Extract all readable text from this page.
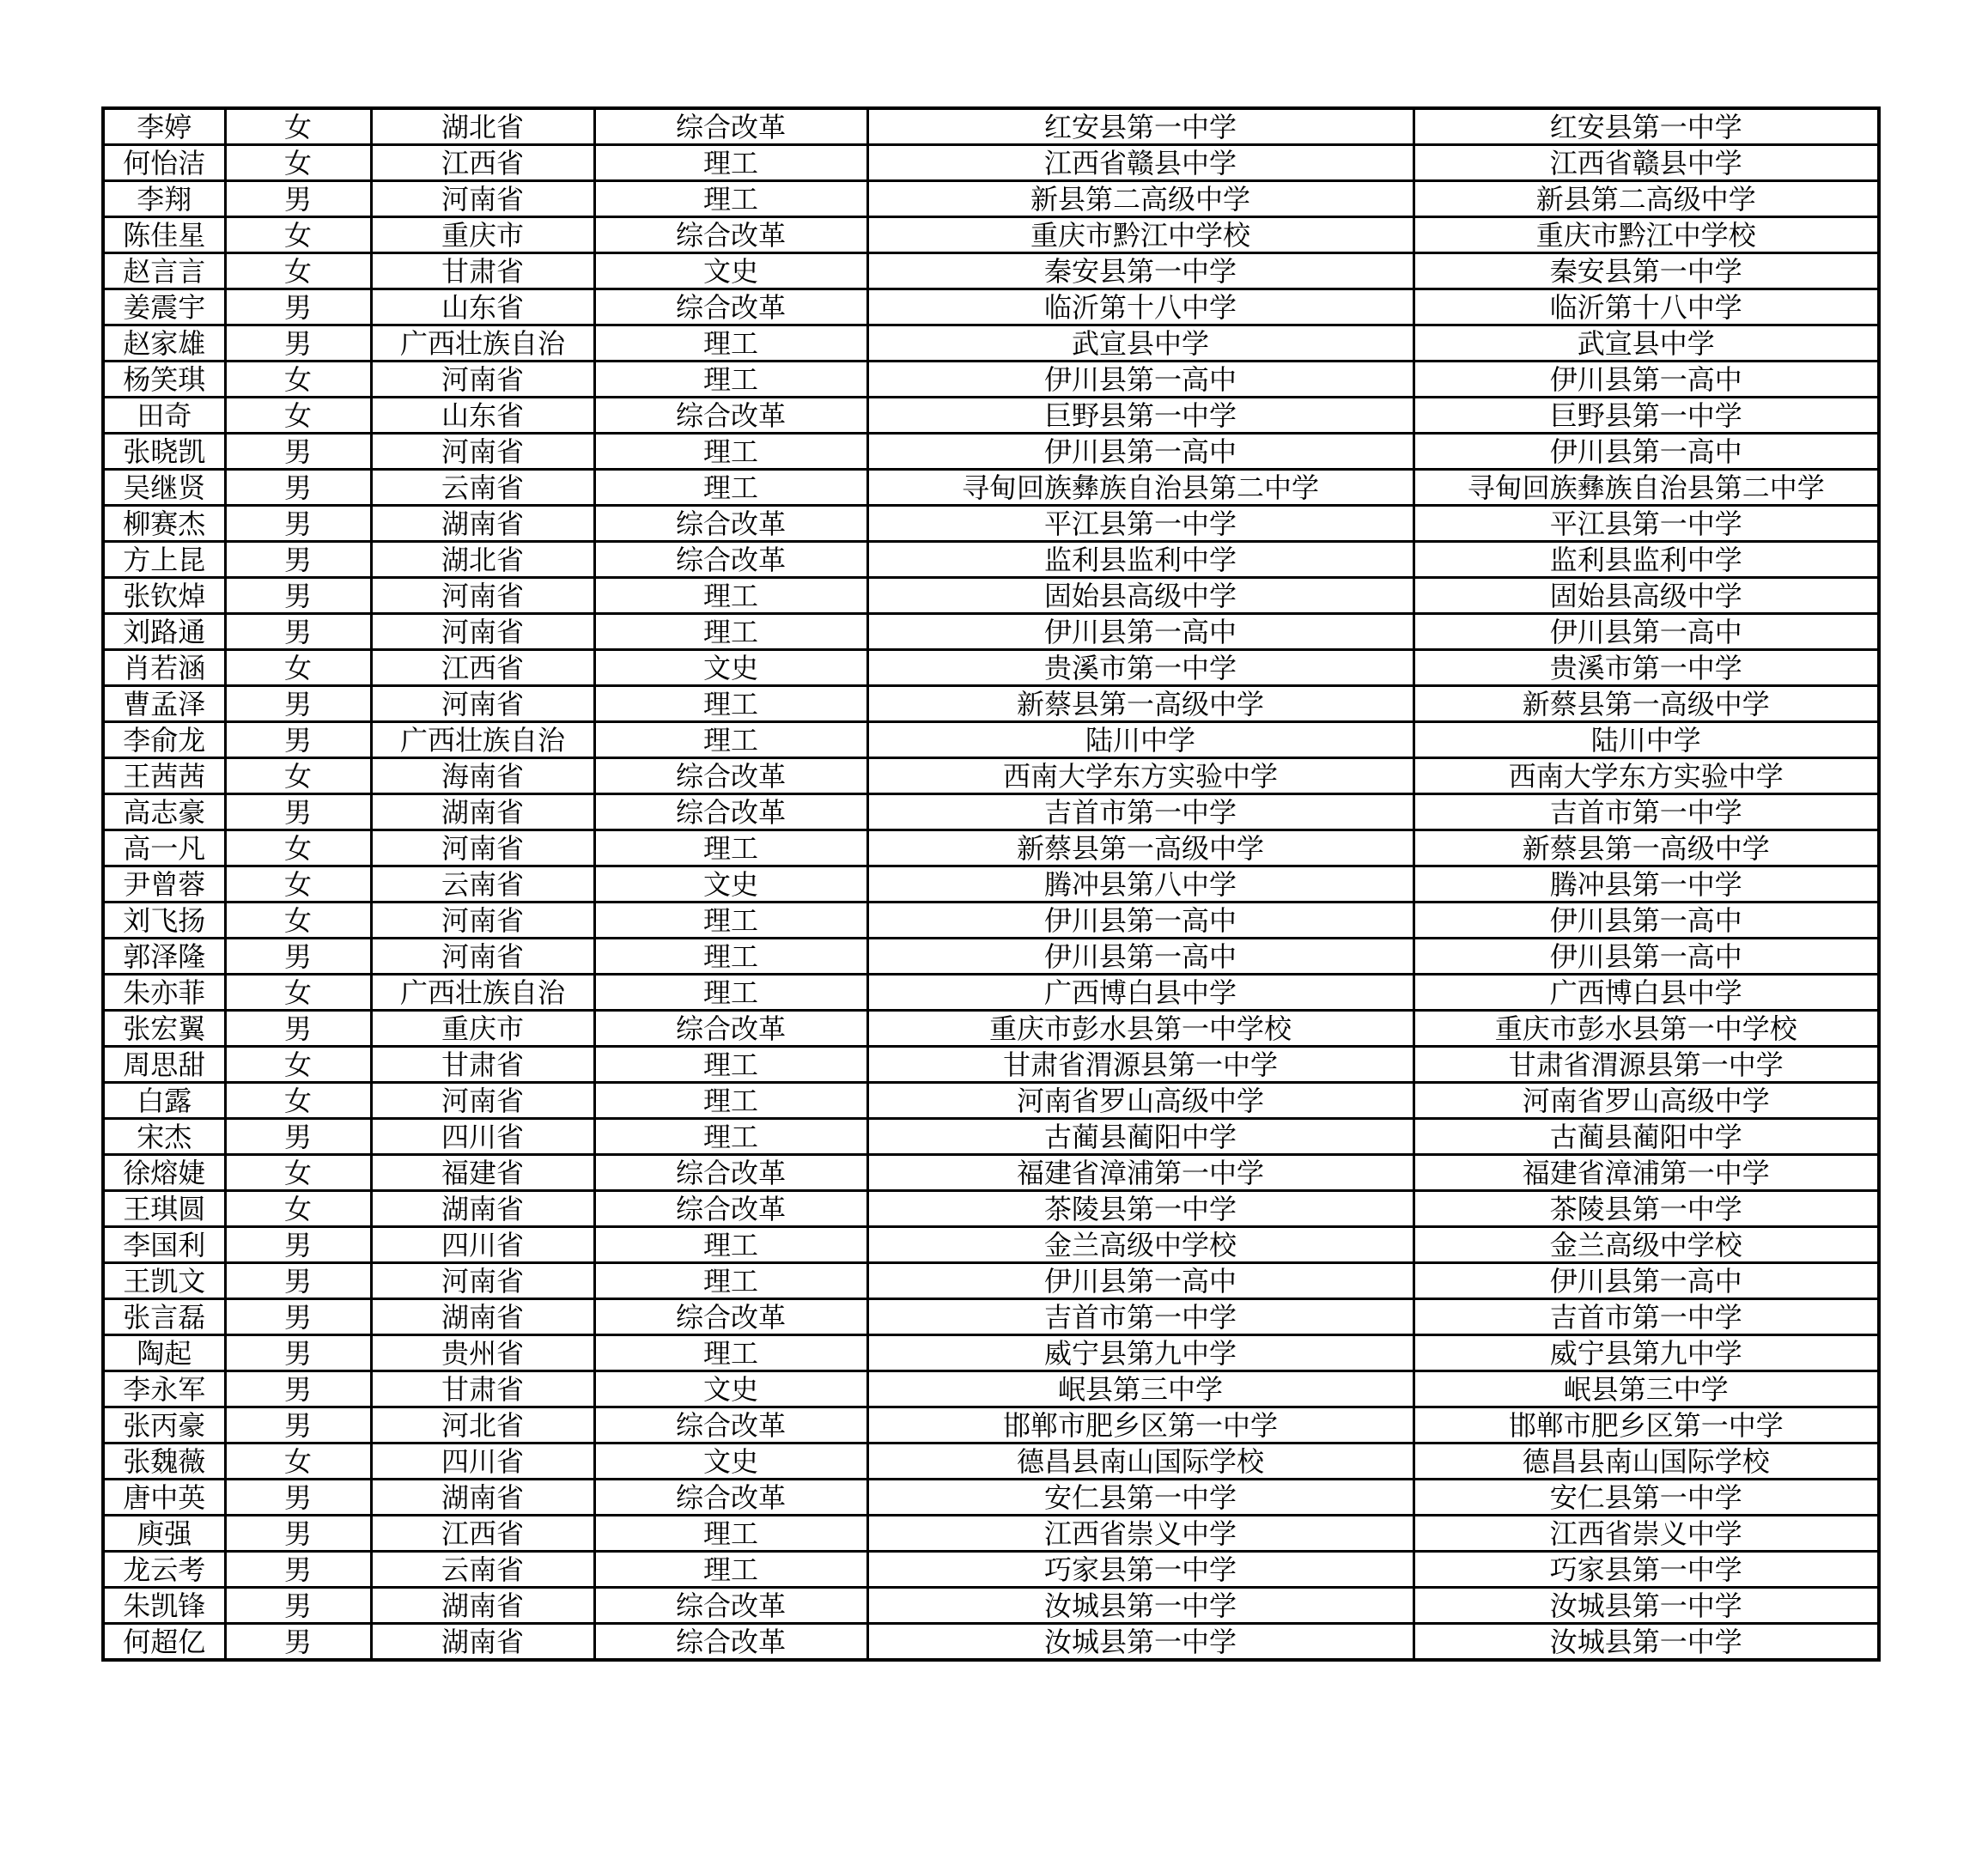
李婷	女	湖北省	综合改革	红安县第一中学	红安县第一中学
何怡洁	女	江西省	理工	江西省赣县中学	江西省赣县中学
李翔	男	河南省	理工	新县第二高级中学	新县第二高级中学
陈佳星	女	重庆市	综合改革	重庆市黔江中学校	重庆市黔江中学校
赵言言	女	甘肃省	文史	秦安县第一中学	秦安县第一中学
姜震宇	男	山东省	综合改革	临沂第十八中学	临沂第十八中学
赵家雄	男	广西壮族自治	理工	武宣县中学	武宣县中学
杨笑琪	女	河南省	理工	伊川县第一高中	伊川县第一高中
田奇	女	山东省	综合改革	巨野县第一中学	巨野县第一中学
张晓凯	男	河南省	理工	伊川县第一高中	伊川县第一高中
吴继贤	男	云南省	理工	寻甸回族彝族自治县第二中学	寻甸回族彝族自治县第二中学
柳赛杰	男	湖南省	综合改革	平江县第一中学	平江县第一中学
方上昆	男	湖北省	综合改革	监利县监利中学	监利县监利中学
张钦焯	男	河南省	理工	固始县高级中学	固始县高级中学
刘路通	男	河南省	理工	伊川县第一高中	伊川县第一高中
肖若涵	女	江西省	文史	贵溪市第一中学	贵溪市第一中学
曹孟泽	男	河南省	理工	新蔡县第一高级中学	新蔡县第一高级中学
李俞龙	男	广西壮族自治	理工	陆川中学	陆川中学
王茜茜	女	海南省	综合改革	西南大学东方实验中学	西南大学东方实验中学
高志豪	男	湖南省	综合改革	吉首市第一中学	吉首市第一中学
高一凡	女	河南省	理工	新蔡县第一高级中学	新蔡县第一高级中学
尹曾蓉	女	云南省	文史	腾冲县第八中学	腾冲县第一中学
刘飞扬	女	河南省	理工	伊川县第一高中	伊川县第一高中
郭泽隆	男	河南省	理工	伊川县第一高中	伊川县第一高中
朱亦菲	女	广西壮族自治	理工	广西博白县中学	广西博白县中学
张宏翼	男	重庆市	综合改革	重庆市彭水县第一中学校	重庆市彭水县第一中学校
周思甜	女	甘肃省	理工	甘肃省渭源县第一中学	甘肃省渭源县第一中学
白露	女	河南省	理工	河南省罗山高级中学	河南省罗山高级中学
宋杰	男	四川省	理工	古蔺县蔺阳中学	古蔺县蔺阳中学
徐熔婕	女	福建省	综合改革	福建省漳浦第一中学	福建省漳浦第一中学
王琪圆	女	湖南省	综合改革	茶陵县第一中学	茶陵县第一中学
李国利	男	四川省	理工	金兰高级中学校	金兰高级中学校
王凯文	男	河南省	理工	伊川县第一高中	伊川县第一高中
张言磊	男	湖南省	综合改革	吉首市第一中学	吉首市第一中学
陶起	男	贵州省	理工	威宁县第九中学	威宁县第九中学
李永军	男	甘肃省	文史	岷县第三中学	岷县第三中学
张丙豪	男	河北省	综合改革	邯郸市肥乡区第一中学	邯郸市肥乡区第一中学
张魏薇	女	四川省	文史	德昌县南山国际学校	德昌县南山国际学校
唐中英	男	湖南省	综合改革	安仁县第一中学	安仁县第一中学
庾强	男	江西省	理工	江西省崇义中学	江西省崇义中学
龙云考	男	云南省	理工	巧家县第一中学	巧家县第一中学
朱凯锋	男	湖南省	综合改革	汝城县第一中学	汝城县第一中学
何超亿	男	湖南省	综合改革	汝城县第一中学	汝城县第一中学
